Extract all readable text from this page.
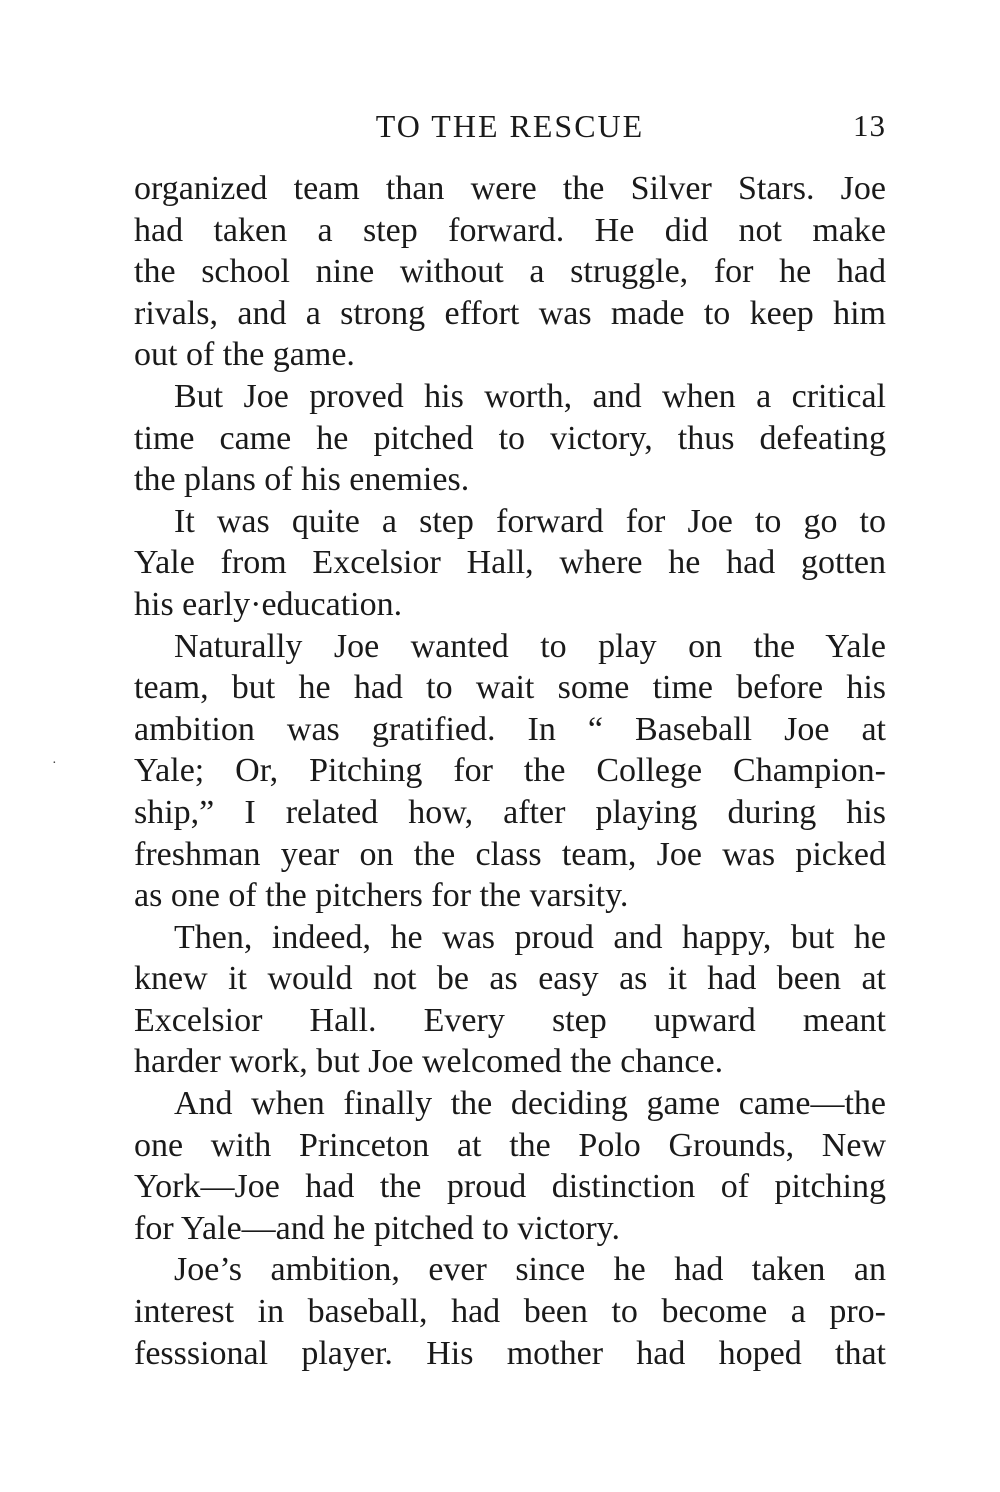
TO THE RESCUE	13
·
organized team than were the Silver Stars. Joe
had taken a step forward. He did not make
the school nine without a struggle, for he had
rivals, and a strong effort was made to keep him
out of the game.
But Joe proved his worth, and when a critical
time came he pitched to victory, thus defeating
the plans of his enemies.
It was quite a step forward for Joe to go to
Yale from Excelsior Hall, where he had gotten
his early·education.
Naturally Joe wanted to play on the Yale
team, but he had to wait some time before his
ambition was gratified. In “ Baseball Joe at
Yale; Or, Pitching for the College Champion-
ship,” I related how, after playing during his
freshman year on the class team, Joe was picked
as one of the pitchers for the varsity.
Then, indeed, he was proud and happy, but he
knew it would not be as easy as it had been at
Excelsior Hall. Every step upward meant
harder work, but Joe welcomed the chance.
And when finally the deciding game came—the
one with Princeton at the Polo Grounds, New
York—Joe had the proud distinction of pitching
for Yale—and he pitched to victory.
Joe’s ambition, ever since he had taken an
interest in baseball, had been to become a pro-
fesssional player. His mother had hoped that
